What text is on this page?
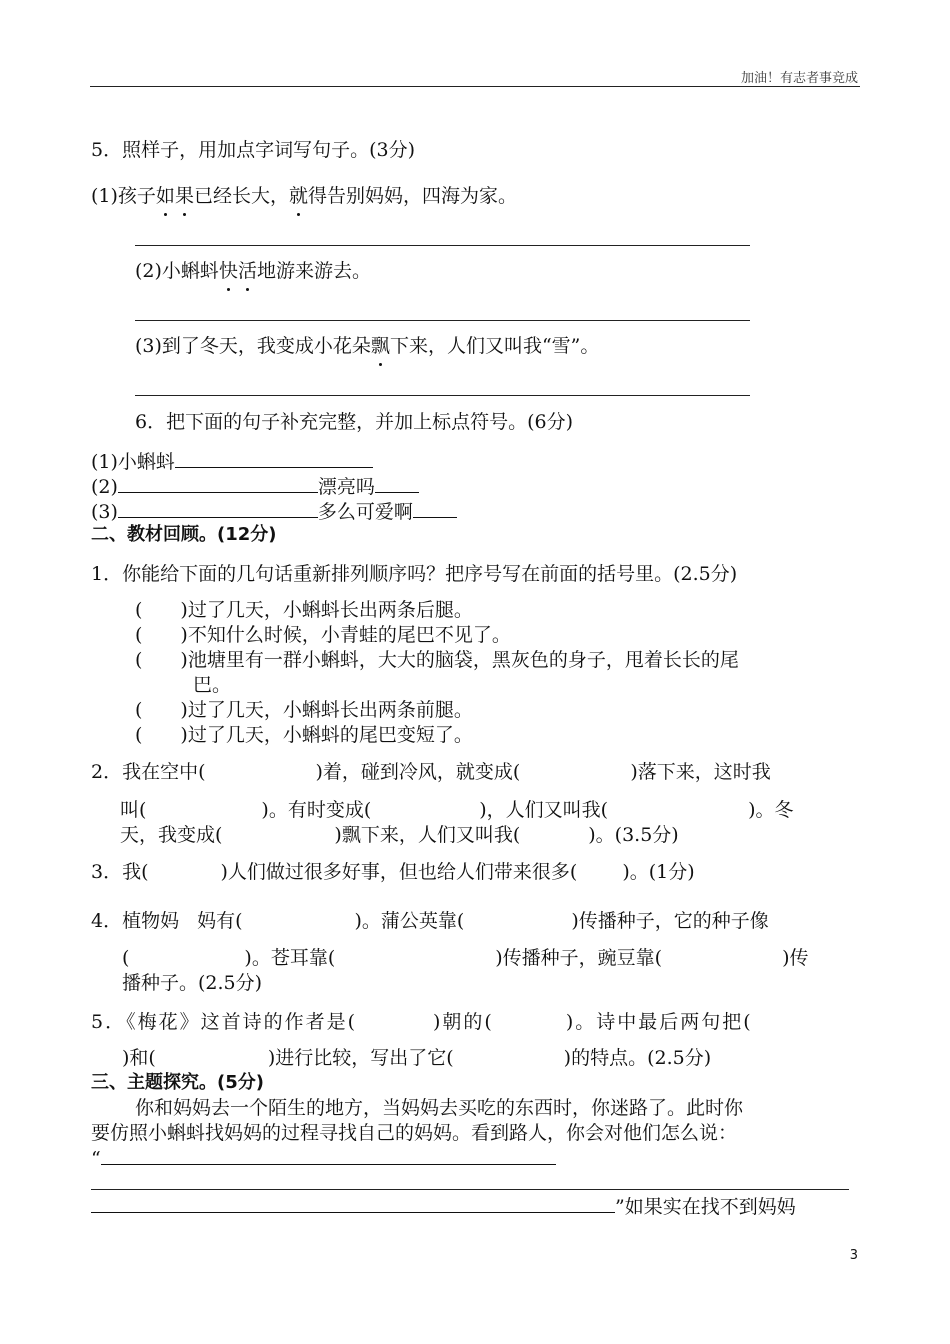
加油！有志者事竞成
5．照样子，用加点字词写句子。(3分)
(1)孩子如果已经长大，就得告别妈妈，四海为家。
(2)小蝌蚪快活地游来游去。
(3)到了冬天，我变成小花朵飘下来，人们又叫我“雪”。
6．把下面的句子补充完整，并加上标点符号。(6分)
(1)小蝌蚪
(2)	漂亮吗
(3)	多么可爱啊
二、教材回顾。(12分)
1．你能给下面的几句话重新排列顺序吗？把序号写在前面的括号里。(2.5分)
(　　)过了几天，小蝌蚪长出两条后腿。
(　　)不知什么时候，小青蛙的尾巴不见了。
(　　)池塘里有一群小蝌蚪，大大的脑袋，黑灰色的身子，甩着长长的尾
巴。
(　　)过了几天，小蝌蚪长出两条前腿。
(　　)过了几天，小蝌蚪的尾巴变短了。
2．我在空中(	)着，碰到冷风，就变成(	)落下来，这时我
叫(	)。有时变成(	)，人们又叫我(	)。冬
天，我变成(	)飘下来，人们又叫我(	)。(3.5分)
3．我(	)人们做过很多好事，但也给人们带来很多( )。(1分)
4．植物妈 妈有(	)。蒲公英靠(	)传播种子，它的种子像
(	)。苍耳靠(	)传播种子，豌豆靠(	)传
播种子。(2.5分)
5．《梅花》这首诗的作者是(	)朝的(	)。诗中最后两句把(
)和(	)进行比较，写出了它(	)的特点。(2.5分)
三、主题探究。(5分)
你和妈妈去一个陌生的地方，当妈妈去买吃的东西时，你迷路了。此时你
要仿照小蝌蚪找妈妈的过程寻找自己的妈妈。看到路人，你会对他们怎么说：
“
”如果实在找不到妈妈
3
